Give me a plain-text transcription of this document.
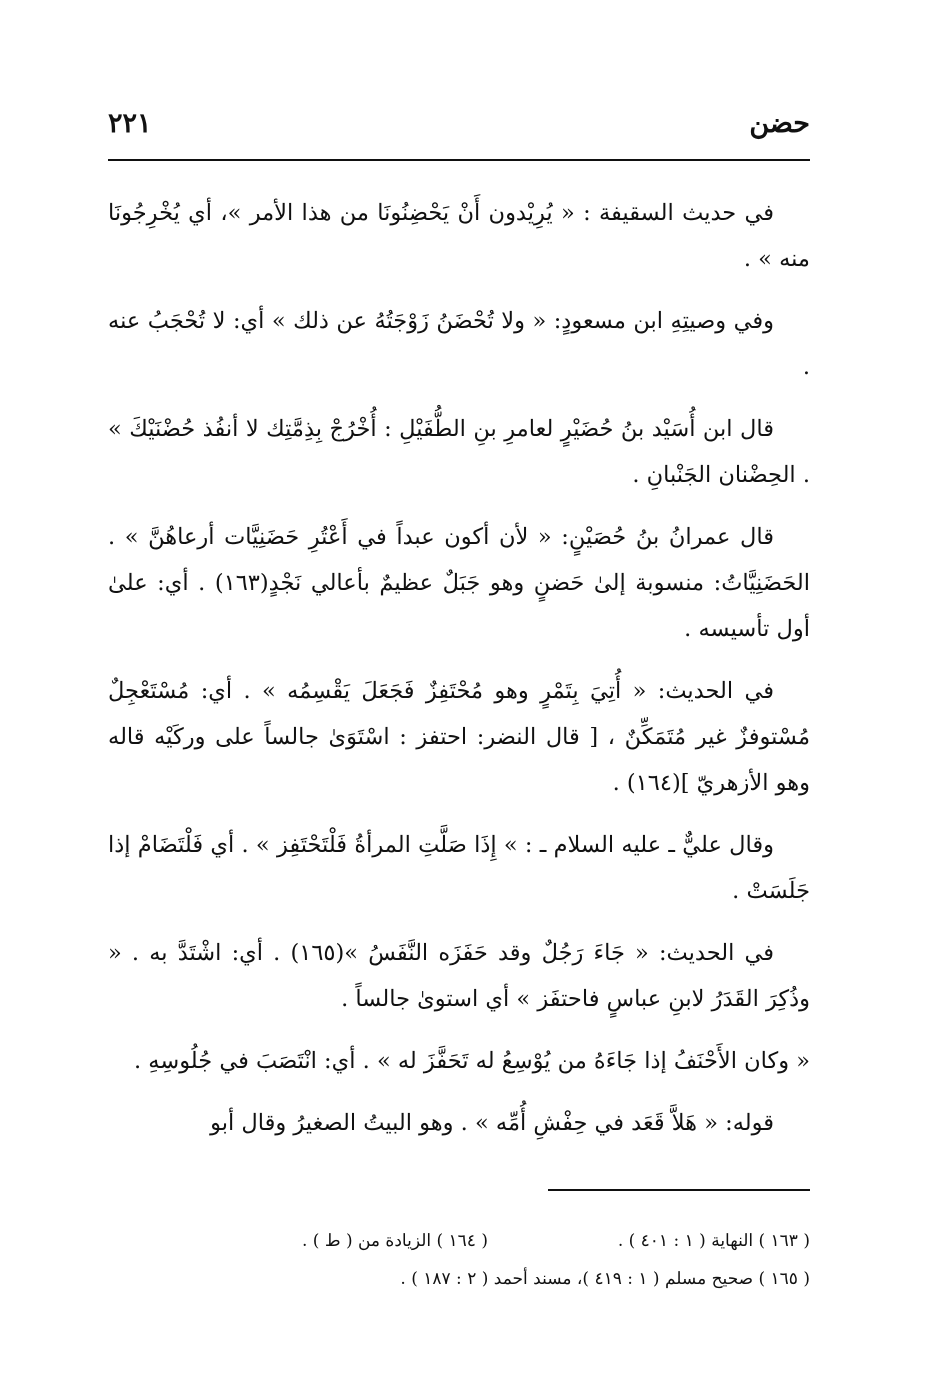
حضن
٢٢١

في حديث السقيفة : « يُرِيْدون أَنْ يَحْضِنُونَا من هذا الأمر »، أي يُخْرِجُونَا منه » .

وفي وصيتِهِ ابن مسعودٍ: « ولا تُحْضَنُ زَوْجَتُهُ عن ذلك » أي: لا تُحْجَبُ عنه .

قال ابن أُسَيْد بنُ حُضَيْرٍ لعامرِ بنِ الطُّفَيْلِ : أُخْرُجْ بِذِمَّتِك لا أنفُذ حُضْنَيْكَ » . الحِضْنان الجَنْبانِ .

قال عمرانُ بنُ حُصَيْنٍ: « لأن أكون عبداً في أَعْتُرِ حَضَنِيَّات أرعاهُنَّ » . الحَضَنِيَّاتُ: منسوبة إلىٰ حَضنٍ وهو جَبَلٌ عظيمٌ بأعالي نَجْدٍ(١٦٣) . أي: علىٰ أول تأسيسه .

في الحديث: « أُتِيَ بِتَمْرٍ وهو مُحْتَفِزٌ فَجَعَلَ يَقْسِمُه » . أي: مُسْتَعْجِلٌ مُسْتوفزٌ غير مُتَمَكِّنٌ ، [ قال النضر: احتفز : اسْتَوَىٰ جالساً على وركَيْه قاله وهو الأزهريّ ](١٦٤) .

وقال عليٌّ ـ عليه السلام ـ : » إِذَا صَلَّتِ المرأةُ فَلْتَحْتَفِز » . أي فَلْتَضَامْ إذا جَلَسَتْ .

في الحديث: « جَاءَ رَجُلٌ وقد حَفَزَه النَّفَسُ »(١٦٥) . أي: اشْتَدَّ به . « وذُكِرَ القَدَرُ لابنِ عباسٍ فاحتفَز » أي استوىٰ جالساً .

« وكان الأَحْنَفُ إذا جَاءَهُ من يُوْسِعُ له تَحَفَّزَ له » . أي: انْتَصَبَ في جُلُوسِهِ .

قوله: « هَلاَّ قَعَد في حِفْشِ أُمِّه » . وهو البيتُ الصغيرُ وقال أبو

( ١٦٣ ) النهاية ( ١ : ٤٠١ ) .
( ١٦٤ ) الزيادة من ( ط ) .
( ١٦٥ ) صحيح مسلم ( ١ : ٤١٩ )، مسند أحمد ( ٢ : ١٨٧ ) .
